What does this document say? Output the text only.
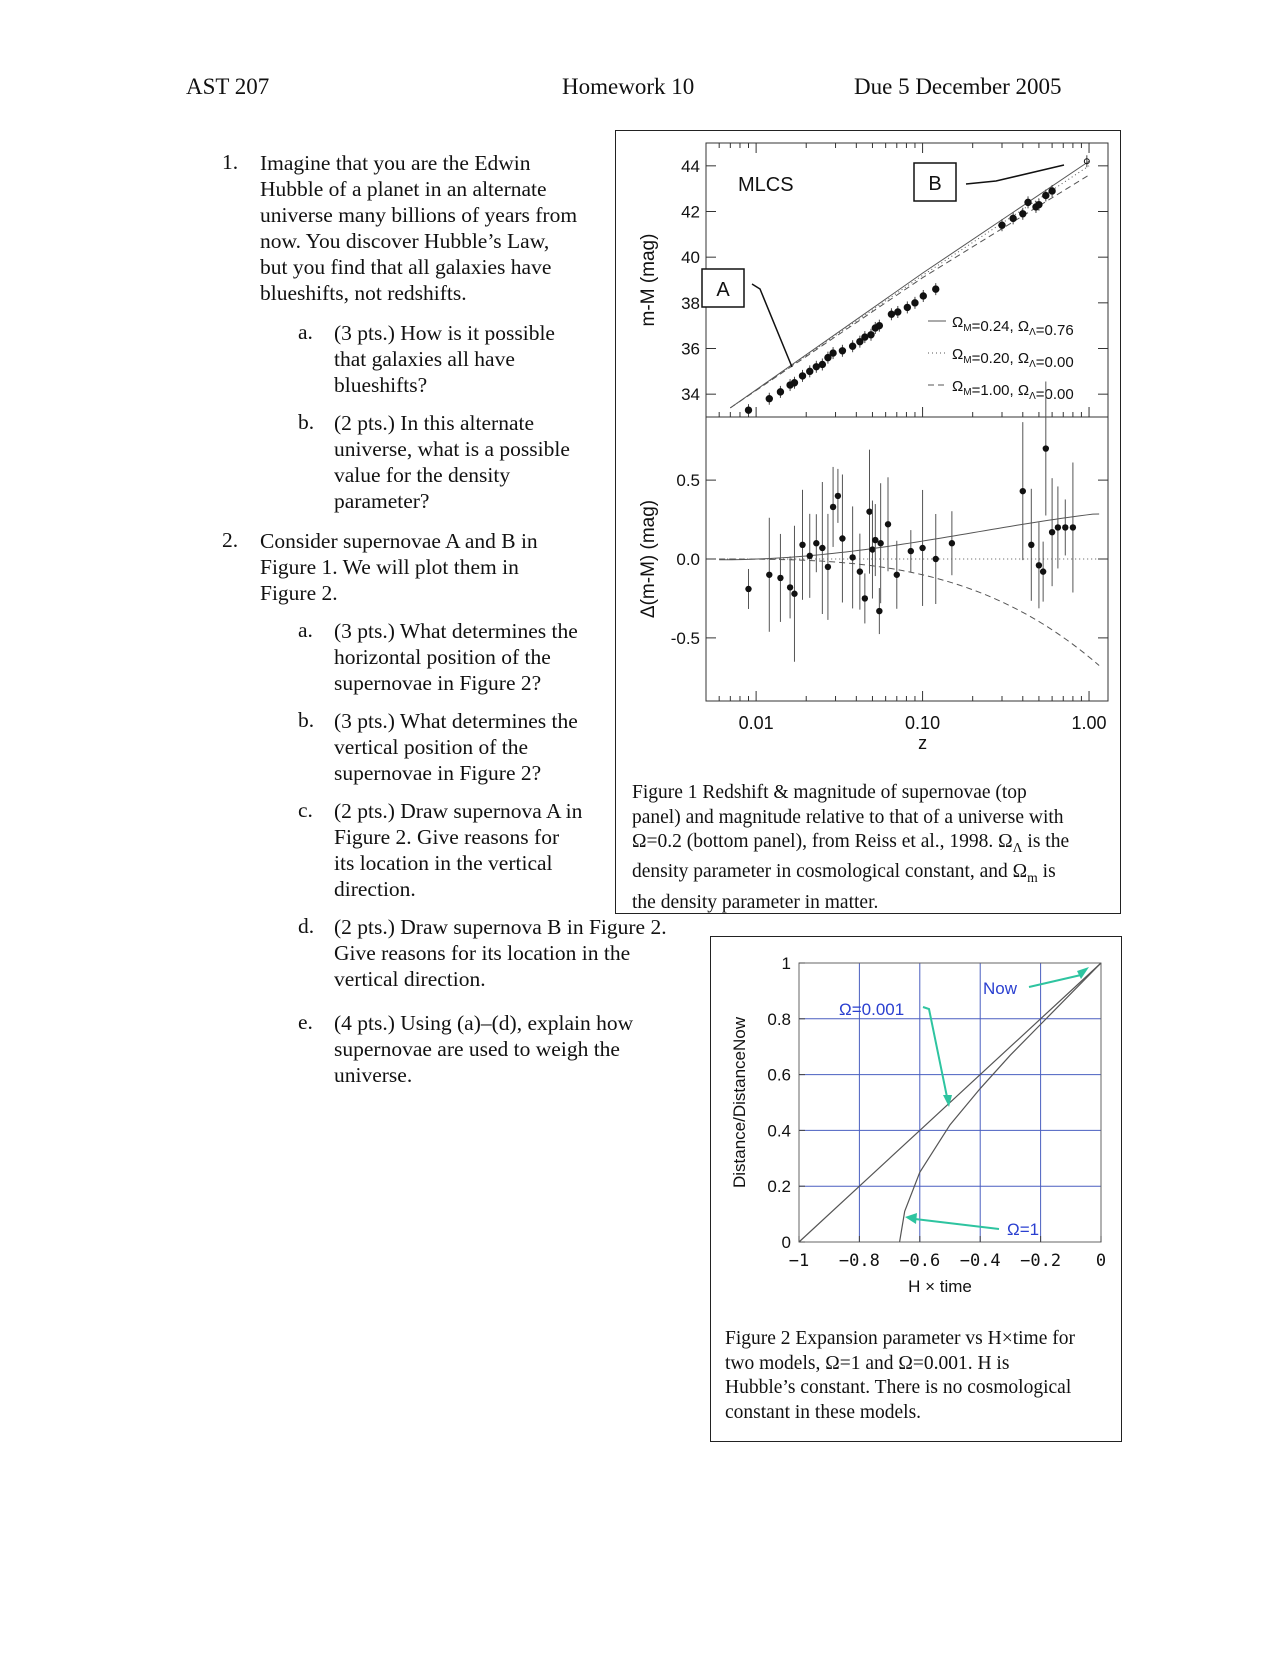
AST 207	Homework 10	Due 5 December 2005
1. Imagine that you are the Edwin Hubble of a planet in an alternate universe many billions of years from now. You discover Hubble’s Law, but you find that all galaxies have blueshifts, not redshifts.
a. (3 pts.) How is it possible that galaxies all have blueshifts?
b. (2 pts.) In this alternate universe, what is a possible value for the density parameter?
2. Consider supernovae A and B in Figure 1. We will plot them in Figure 2.
a. (3 pts.) What determines the horizontal position of the supernovae in Figure 2?
b. (3 pts.) What determines the vertical position of the supernovae in Figure 2?
c. (2 pts.) Draw supernova A in Figure 2. Give reasons for its location in the vertical direction.
d. (2 pts.) Draw supernova B in Figure 2. Give reasons for its location in the vertical direction.
e. (4 pts.) Using (a)–(d), explain how supernovae are used to weigh the universe.
34
36
38
40
42
44
m-M (mag)	$\Omega_M=0.24$, $\Omega_\Lambda=0.76$
$\Omega_M=0.20$, $\Omega_\Lambda=0.00$
$\Omega_M=1.00$, $\Omega_\Lambda=0.00$
MLCS
A
B
0.01	0.10	1.00
z
0.5
0.0
-0.5
Δ(m-M) (mag)
Figure 1 Redshift & magnitude of supernovae (top
panel) and magnitude relative to that of a universe with
Ω=0.2 (bottom panel), from Reiss et al., 1998. $\Omega_\Lambda$ is the
density parameter in cosmological constant, and $\Omega_m$ is
the density parameter in matter.
−1 −0.8 −0.6 −0.4 −0.2 0
0
0.2
0.4
0.6
0.8
1
H × time
Distance/DistanceNow
Now
Ω=0.001
Ω=1
Figure 2 Expansion parameter vs H×time for
two models, Ω=1 and Ω=0.001. H is
Hubble’s constant. There is no cosmological
constant in these models.
